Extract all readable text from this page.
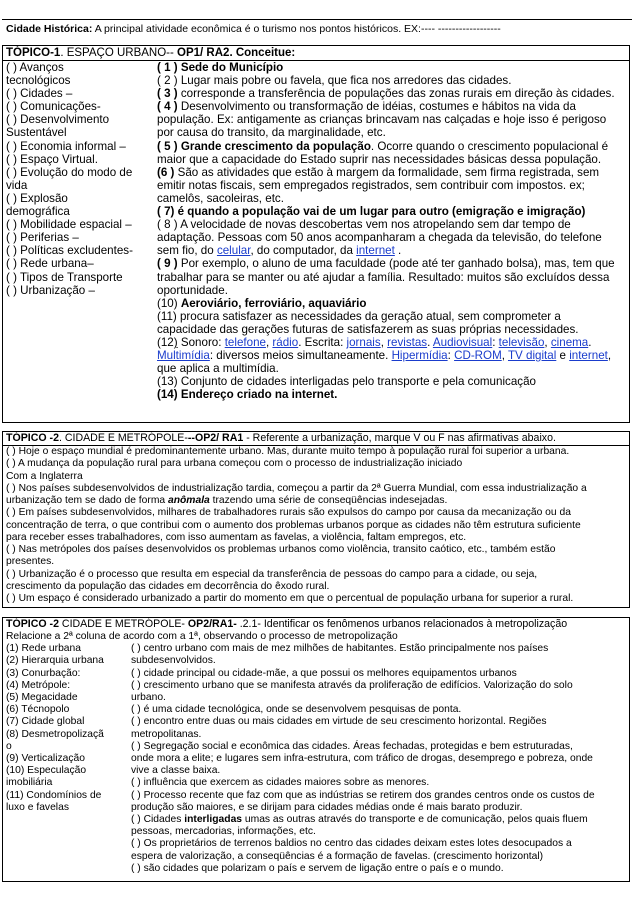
Cidade Histórica: A principal atividade econômica é o turismo nos pontos históricos. EX:---- ------------------
TÓPICO-1. ESPAÇO URBANO-- OP1/ RA2. Conceitue:
( ) Avanços
tecnológicos
( ) Cidades –
( ) Comunicações-
( ) Desenvolvimento
Sustentável
( ) Economia informal –
( ) Espaço Virtual.
( ) Evolução do modo de
vida
( ) Explosão
demográfica
( ) Mobilidade espacial –
( ) Periferias –
( ) Políticas excludentes-
( ) Rede urbana–
( ) Tipos de Transporte
( ) Urbanização –
( 1 ) Sede do Município
( 2 ) Lugar mais pobre ou favela, que fica nos arredores das cidades.
( 3 ) corresponde a transferência de populações das zonas rurais em direção às cidades.
( 4 ) Desenvolvimento ou transformação de idéias, costumes e hábitos na vida da
população. Ex: antigamente as crianças brincavam nas calçadas e hoje isso é perigoso
por causa do transito, da marginalidade, etc.
( 5 ) Grande crescimento da população. Ocorre quando o crescimento populacional é
maior que a capacidade do Estado suprir nas necessidades básicas dessa população.
(6 ) São as atividades que estão à margem da formalidade, sem firma registrada, sem
emitir notas fiscais, sem empregados registrados, sem contribuir com impostos. ex;
camelôs, sacoleiras, etc.
( 7) é quando a população vai de um lugar para outro (emigração e imigração)
( 8 ) A velocidade de novas descobertas vem nos atropelando sem dar tempo de
adaptação. Pessoas com 50 anos acompanharam a chegada da televisão, do telefone
sem fio, do celular, do computador, da internet .
( 9 ) Por exemplo, o aluno de uma faculdade (pode até ter ganhado bolsa), mas, tem que
trabalhar para se manter ou até ajudar a família. Resultado: muitos são excluídos dessa
oportunidade.
(10) Aeroviário, ferroviário, aquaviário
(11) procura satisfazer as necessidades da geração atual, sem comprometer a
capacidade das gerações futuras de satisfazerem as suas próprias necessidades.
(12) Sonoro: telefone, rádio. Escrita: jornais, revistas. Audiovisual: televisão, cinema.
Multimídia: diversos meios simultaneamente. Hipermídia: CD-ROM, TV digital e internet,
que aplica a multimídia.
(13) Conjunto de cidades interligadas pelo transporte e pela comunicação
(14) Endereço criado na internet.
TÓPICO -2. CIDADE E METRÓPOLE---OP2/ RA1 - Referente a urbanização, marque V ou F nas afirmativas abaixo.
( ) Hoje o espaço mundial é predominantemente urbano. Mas, durante muito tempo à população rural foi superior a urbana.
( ) A mudança da população rural para urbana começou com o processo de industrialização iniciado
Com a Inglaterra
( ) Nos países subdesenvolvidos de industrialização tardia, começou a partir da 2ª Guerra Mundial, com essa industrialização a
urbanização tem se dado de forma anômala trazendo uma série de conseqüências indesejadas.
( ) Em países subdesenvolvidos, milhares de trabalhadores rurais são expulsos do campo por causa da mecanização ou da
concentração de terra, o que contribui com o aumento dos problemas urbanos porque as cidades não têm estrutura suficiente
para receber esses trabalhadores, com isso aumentam as favelas, a violência, faltam empregos, etc.
( ) Nas metrópoles dos países desenvolvidos os problemas urbanos como violência, transito caótico, etc., também estão
presentes.
( ) Urbanização é o processo que resulta em especial da transferência de pessoas do campo para a cidade, ou seja,
crescimento da população das cidades em decorrência do êxodo rural.
( ) Um espaço é considerado urbanizado a partir do momento em que o percentual de população urbana for superior a rural.
TÓPICO -2 CIDADE E METRÓPOLE- OP2/RA1- .2.1- Identificar os fenômenos urbanos relacionados à metropolização
Relacione a 2ª coluna de acordo com a 1ª, observando o processo de metropolização
(1) Rede urbana
(2) Hierarquia urbana
(3) Conurbação:
(4) Metrópole:
(5) Megacidade
(6) Técnopolo
(7) Cidade global
(8) Desmetropolizaçã
o
(9) Verticalização
(10) Especulação
imobiliária
(11) Condomínios de
luxo e favelas
( ) centro urbano com mais de mez milhões de habitantes. Estão principalmente nos países
subdesenvolvidos.
( ) cidade principal ou cidade-mãe, a que possui os melhores equipamentos urbanos
( ) crescimento urbano que se manifesta através da proliferação de edifícios. Valorização do solo
urbano.
( ) é uma cidade tecnológica, onde se desenvolvem pesquisas de ponta.
( ) encontro entre duas ou mais cidades em virtude de seu crescimento horizontal. Regiões
metropolitanas.
( ) Segregação social e econômica das cidades. Áreas fechadas, protegidas e bem estruturadas,
onde mora a elite; e lugares sem infra-estrutura, com tráfico de drogas, desemprego e pobreza, onde
vive a classe baixa.
( ) influência que exercem as cidades maiores sobre as menores.
( ) Processo recente que faz com que as indústrias se retirem dos grandes centros onde os custos de
produção são maiores, e se dirijam para cidades médias onde é mais barato produzir.
( ) Cidades interligadas umas as outras através do transporte e de comunicação, pelos quais fluem
pessoas, mercadorias, informações, etc.
( ) Os proprietários de terrenos baldios no centro das cidades deixam estes lotes desocupados a
espera de valorização, a conseqüências é a formação de favelas. (crescimento horizontal)
( ) são cidades que polarizam o país e servem de ligação entre o país e o mundo.
